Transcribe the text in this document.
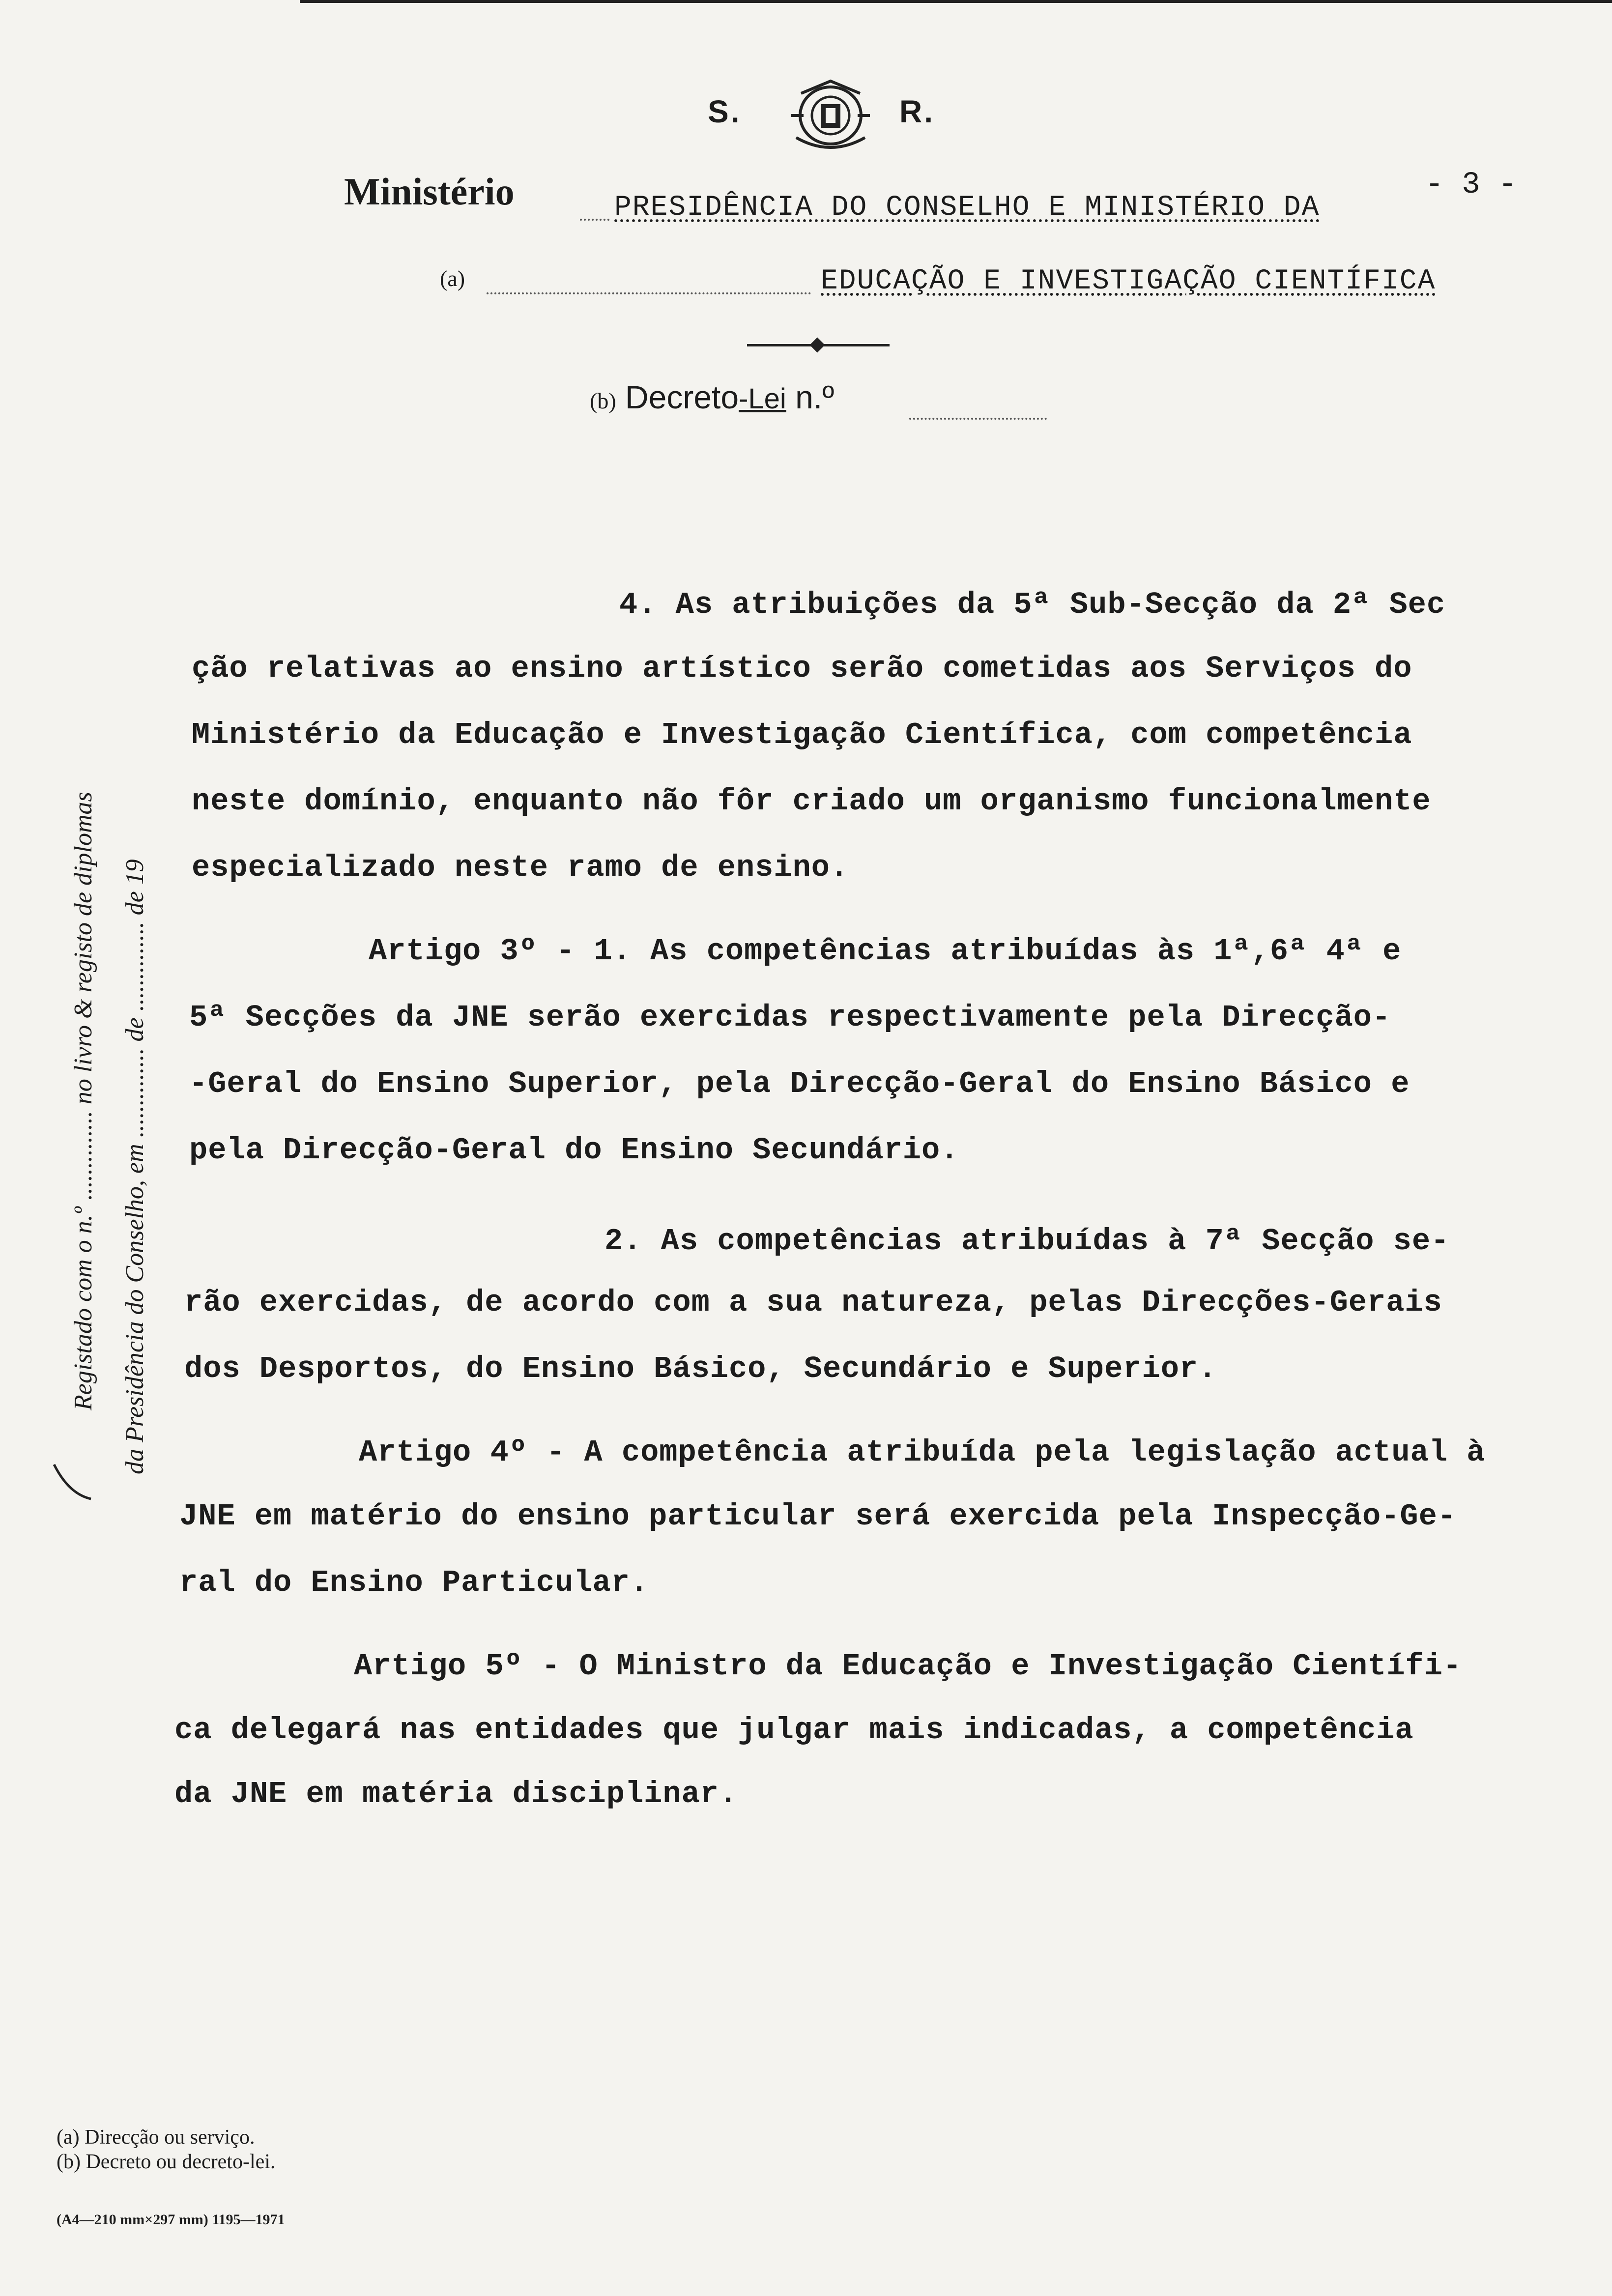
S.	R.
Ministério	PRESIDÊNCIA DO CONSELHO E MINISTÉRIO DA
- 3 -
(a)	EDUCAÇÃO E INVESTIGAÇÃO CIENTÍFICA
(b) Decreto-Lei n.º
Registado com o n.º .............. no livro & registo de diplomas da Presidência do Conselho, em .............. de .............. de 19
4. As atribuições da 5ª Sub-Secção da 2ª Sec
ção relativas ao ensino artístico serão cometidas aos Serviços do
Ministério da Educação e Investigação Científica, com competência
neste domínio, enquanto não fôr criado um organismo funcionalmente
especializado neste ramo de ensino.
Artigo 3º - 1. As competências atribuídas às 1ª,6ª 4ª e
5ª Secções da JNE serão exercidas respectivamente pela Direcção-
-Geral do Ensino Superior, pela Direcção-Geral do Ensino Básico e
pela Direcção-Geral do Ensino Secundário.
2. As competências atribuídas à 7ª Secção se-
rão exercidas, de acordo com a sua natureza, pelas Direcções-Gerais
dos Desportos, do Ensino Básico, Secundário e Superior.
Artigo 4º - A competência atribuída pela legislação actual à
JNE em matério do ensino particular será exercida pela Inspecção-Ge-
ral do Ensino Particular.
Artigo 5º - O Ministro da Educação e Investigação Científi-
ca delegará nas entidades que julgar mais indicadas, a competência
da JNE em matéria disciplinar.
(a) Direcção ou serviço.
(b) Decreto ou decreto-lei.
(A4—210 mm×297 mm) 1195—1971
